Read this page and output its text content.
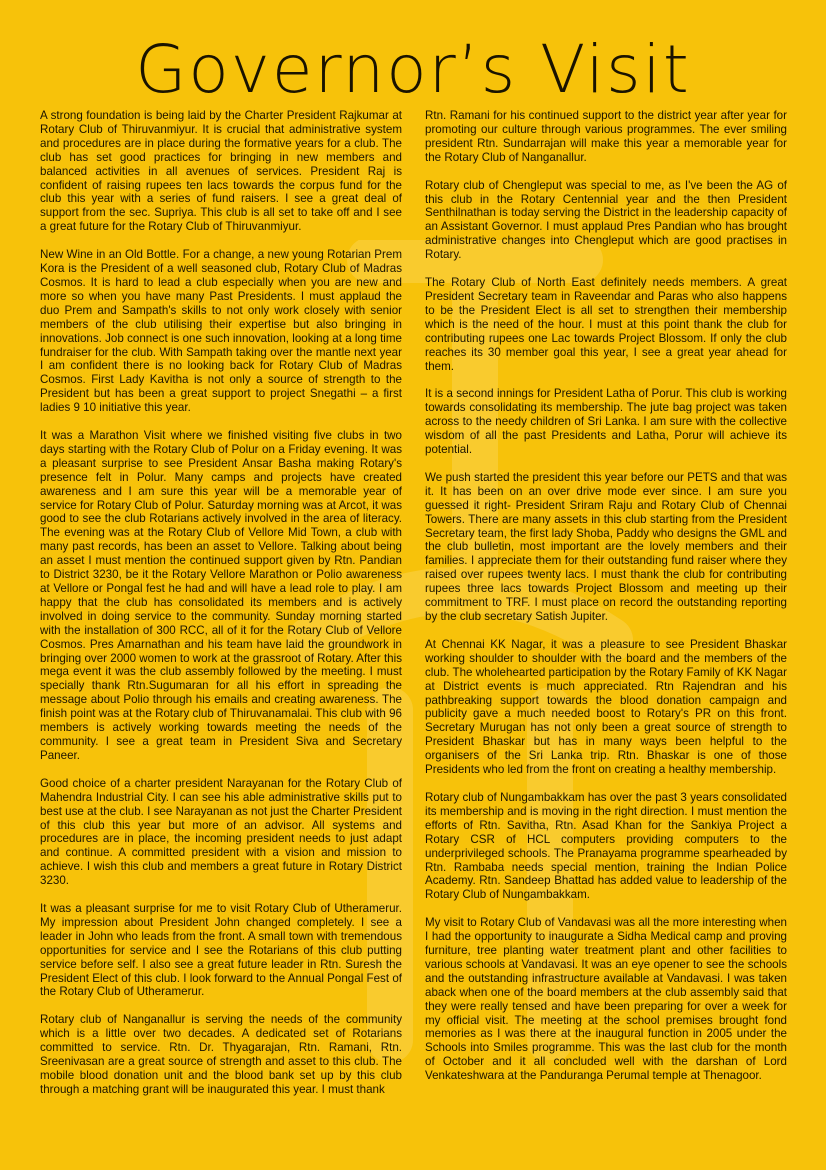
Governor’s Visit

A strong foundation is being laid by the Charter President Rajkumar at Rotary Club of Thiruvanmiyur. It is crucial that administrative system and procedures are in place during the formative years for a club. The club has set good practices for bringing in new members and balanced activities in all avenues of services. President Raj is confident of raising rupees ten lacs towards the corpus fund for the club this year with a series of fund raisers. I see a great deal of support from the sec. Supriya. This club is all set to take off and I see a great future for the Rotary Club of Thiruvanmiyur.

New Wine in an Old Bottle. For a change, a new young Rotarian Prem Kora is the President of a well seasoned club, Rotary Club of Madras Cosmos. It is hard to lead a club especially when you are new and more so when you have many Past Presidents. I must applaud the duo Prem and Sampath's skills to not only work closely with senior members of the club utilising their expertise but also bringing in innovations. Job connect is one such innovation, looking at a long time fundraiser for the club. With Sampath taking over the mantle next year I am confident there is no looking back for Rotary Club of Madras Cosmos. First Lady Kavitha is not only a source of strength to the President but has been a great support to project Snegathi – a first ladies 9 10 initiative this year.

It was a Marathon Visit where we finished visiting five clubs in two days starting with the Rotary Club of Polur on a Friday evening. It was a pleasant surprise to see President Ansar Basha making Rotary's presence felt in Polur. Many camps and projects have created awareness and I am sure this year will be a memorable year of service for Rotary Club of Polur. Saturday morning was at Arcot, it was good to see the club Rotarians actively involved in the area of literacy. The evening was at the Rotary Club of Vellore Mid Town, a club with many past records, has been an asset to Vellore. Talking about being an asset I must mention the continued support given by Rtn. Pandian to District 3230, be it the Rotary Vellore Marathon or Polio awareness at Vellore or Pongal fest he had and will have a lead role to play. I am happy that the club has consolidated its members and is actively involved in doing service to the community. Sunday morning started with the installation of 300 RCC, all of it for the Rotary Club of Vellore Cosmos. Pres Amarnathan and his team have laid the groundwork in bringing over 2000 women to work at the grassroot of Rotary. After this mega event it was the club assembly followed by the meeting. I must specially thank Rtn.Sugumaran for all his effort in spreading the message about Polio through his emails and creating awareness. The finish point was at the Rotary club of Thiruvanamalai. This club with 96 members is actively working towards meeting the needs of the community. I see a great team in President Siva and Secretary Paneer.

Good choice of a charter president Narayanan for the Rotary Club of Mahendra Industrial City. I can see his able administrative skills put to best use at the club. I see Narayanan as not just the Charter President of this club this year but more of an advisor. All systems and procedures are in place, the incoming president needs to just adapt and continue. A committed president with a vision and mission to achieve. I wish this club and members a great future in Rotary District 3230.

It was a pleasant surprise for me to visit Rotary Club of Utheramerur. My impression about President John changed completely. I see a leader in John who leads from the front. A small town with tremendous opportunities for service and I see the Rotarians of this club putting service before self. I also see a great future leader in Rtn. Suresh the President Elect of this club. I look forward to the Annual Pongal Fest of the Rotary Club of Utheramerur.

Rotary club of Nanganallur is serving the needs of the community which is a little over two decades. A dedicated set of Rotarians committed to service. Rtn. Dr. Thyagarajan, Rtn. Ramani, Rtn. Sreenivasan are a great source of strength and asset to this club. The mobile blood donation unit and the blood bank set up by this club through a matching grant will be inaugurated this year. I must thank

Rtn. Ramani for his continued support to the district year after year for promoting our culture through various programmes. The ever smiling president Rtn. Sundarrajan will make this year a memorable year for the Rotary Club of Nanganallur.

Rotary club of Chengleput was special to me, as I've been the AG of this club in the Rotary Centennial year and the then President Senthilnathan is today serving the District in the leadership capacity of an Assistant Governor. I must applaud Pres Pandian who has brought administrative changes into Chengleput which are good practises in Rotary.

The Rotary Club of North East definitely needs members. A great President Secretary team in Raveendar and Paras who also happens to be the President Elect is all set to strengthen their membership which is the need of the hour. I must at this point thank the club for contributing rupees one Lac towards Project Blossom. If only the club reaches its 30 member goal this year, I see a great year ahead for them.

It is a second innings for President Latha of Porur. This club is working towards consolidating its membership. The jute bag project was taken across to the needy children of Sri Lanka. I am sure with the collective wisdom of all the past Presidents and Latha, Porur will achieve its potential.

We push started the president this year before our PETS and that was it. It has been on an over drive mode ever since. I am sure you guessed it right- President Sriram Raju and Rotary Club of Chennai Towers. There are many assets in this club starting from the President Secretary team, the first lady Shoba, Paddy who designs the GML and the club bulletin, most important are the lovely members and their families. I appreciate them for their outstanding fund raiser where they raised over rupees twenty lacs. I must thank the club for contributing rupees three lacs towards Project Blossom and meeting up their commitment to TRF. I must place on record the outstanding reporting by the club secretary Satish Jupiter.

At Chennai KK Nagar, it was a pleasure to see President Bhaskar working shoulder to shoulder with the board and the members of the club. The wholehearted participation by the Rotary Family of KK Nagar at District events is much appreciated. Rtn Rajendran and his pathbreaking support towards the blood donation campaign and publicity gave a much needed boost to Rotary's PR on this front. Secretary Murugan has not only been a great source of strength to President Bhaskar but has in many ways been helpful to the organisers of the Sri Lanka trip. Rtn. Bhaskar is one of those Presidents who led from the front on creating a healthy membership.

Rotary club of Nungambakkam has over the past 3 years consolidated its membership and is moving in the right direction. I must mention the efforts of Rtn. Savitha, Rtn. Asad Khan for the Sankiya Project a Rotary CSR of HCL computers providing computers to the underprivileged schools. The Pranayama programme spearheaded by Rtn. Rambaba needs special mention, training the Indian Police Academy. Rtn. Sandeep Bhattad has added value to leadership of the Rotary Club of Nungambakkam.

My visit to Rotary Club of Vandavasi was all the more interesting when I had the opportunity to inaugurate a Sidha Medical camp and proving furniture, tree planting water treatment plant and other facilities to various schools at Vandavasi. It was an eye opener to see the schools and the outstanding infrastructure available at Vandavasi. I was taken aback when one of the board members at the club assembly said that they were really tensed and have been preparing for over a week for my official visit. The meeting at the school premises brought fond memories as I was there at the inaugural function in 2005 under the Schools into Smiles programme. This was the last club for the month of October and it all concluded well with the darshan of Lord Venkateshwara at the Panduranga Perumal temple at Thenagoor.
